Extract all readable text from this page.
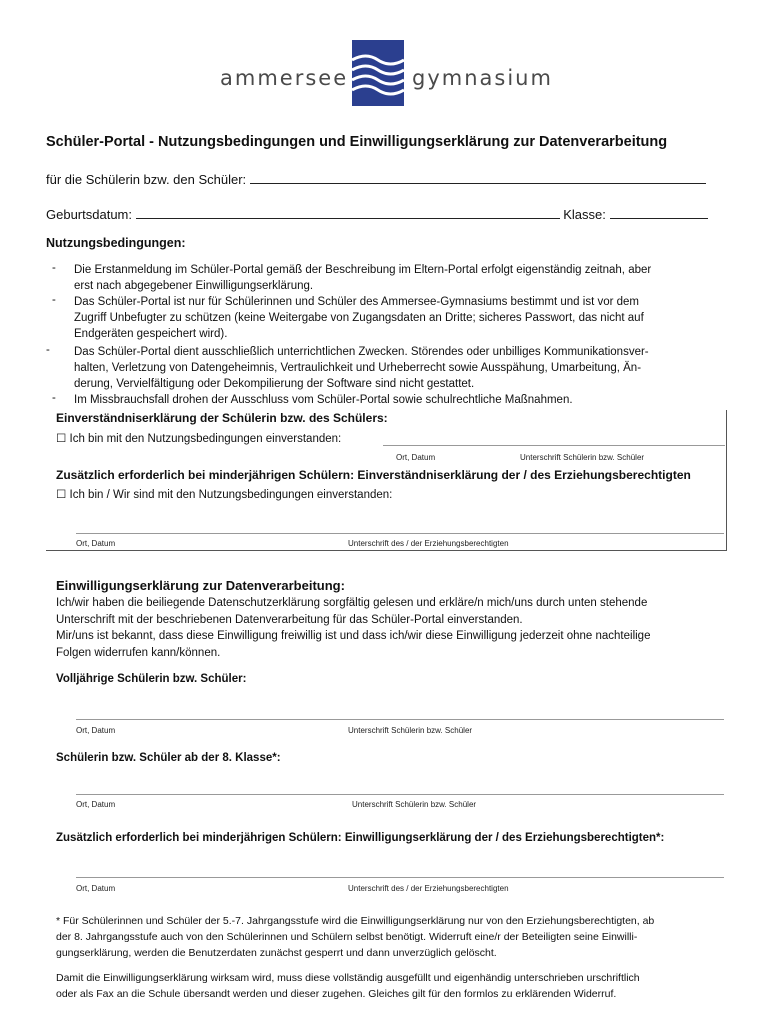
ammersee	gymnasium
Schüler-Portal - Nutzungsbedingungen und Einwilligungserklärung zur Datenverarbeitung
für die Schülerin bzw. den Schüler:
Geburtsdatum:	Klasse:
Nutzungsbedingungen:
- Die Erstanmeldung im Schüler-Portal gemäß der Beschreibung im Eltern-Portal erfolgt eigenständig zeitnah, aber
erst nach abgegebener Einwilligungserklärung.
- Das Schüler-Portal ist nur für Schülerinnen und Schüler des Ammersee-Gymnasiums bestimmt und ist vor dem
Zugriff Unbefugter zu schützen (keine Weitergabe von Zugangsdaten an Dritte; sicheres Passwort, das nicht auf
Endgeräten gespeichert wird).
- Das Schüler-Portal dient ausschließlich unterrichtlichen Zwecken. Störendes oder unbilliges Kommunikationsver-
halten, Verletzung von Datengeheimnis, Vertraulichkeit und Urheberrecht sowie Ausspähung, Umarbeitung, Än-
derung, Vervielfältigung oder Dekompilierung der Software sind nicht gestattet.
- Im Missbrauchsfall drohen der Ausschluss vom Schüler-Portal sowie schulrechtliche Maßnahmen.
Einverständniserklärung der Schülerin bzw. des Schülers:
☐ Ich bin mit den Nutzungsbedingungen einverstanden:
Ort, Datum	Unterschrift Schülerin bzw. Schüler
Zusätzlich erforderlich bei minderjährigen Schülern: Einverständniserklärung der / des Erziehungsberechtigten
☐ Ich bin / Wir sind mit den Nutzungsbedingungen einverstanden:
Ort, Datum	Unterschrift des / der Erziehungsberechtigten
Einwilligungserklärung zur Datenverarbeitung:
Ich/wir haben die beiliegende Datenschutzerklärung sorgfältig gelesen und erkläre/n mich/uns durch unten stehende
Unterschrift mit der beschriebenen Datenverarbeitung für das Schüler-Portal einverstanden.
Mir/uns ist bekannt, dass diese Einwilligung freiwillig ist und dass ich/wir diese Einwilligung jederzeit ohne nachteilige
Folgen widerrufen kann/können.
Volljährige Schülerin bzw. Schüler:
Ort, Datum	Unterschrift Schülerin bzw. Schüler
Schülerin bzw. Schüler ab der 8. Klasse*:
Ort, Datum	Unterschrift Schülerin bzw. Schüler
Zusätzlich erforderlich bei minderjährigen Schülern: Einwilligungserklärung der / des Erziehungsberechtigten*:
Ort, Datum	Unterschrift des / der Erziehungsberechtigten
* Für Schülerinnen und Schüler der 5.-7. Jahrgangsstufe wird die Einwilligungserklärung nur von den Erziehungsberechtigten, ab
der 8. Jahrgangsstufe auch von den Schülerinnen und Schülern selbst benötigt. Widerruft eine/r der Beteiligten seine Einwilli-
gungserklärung, werden die Benutzerdaten zunächst gesperrt und dann unverzüglich gelöscht.
Damit die Einwilligungserklärung wirksam wird, muss diese vollständig ausgefüllt und eigenhändig unterschrieben urschriftlich
oder als Fax an die Schule übersandt werden und dieser zugehen. Gleiches gilt für den formlos zu erklärenden Widerruf.
